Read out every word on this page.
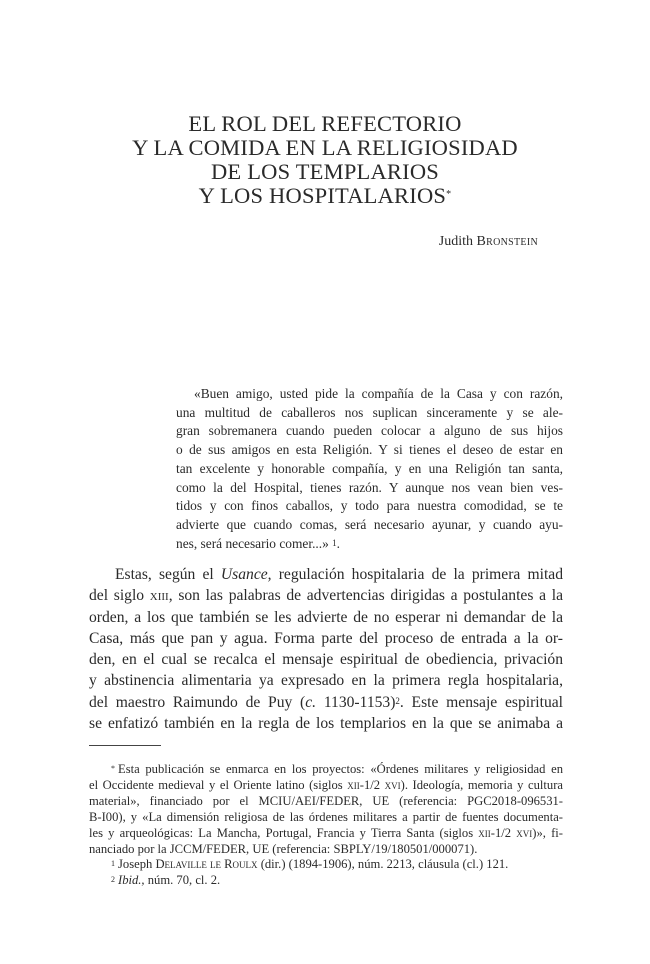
EL ROL DEL REFECTORIO
Y LA COMIDA EN LA RELIGIOSIDAD
DE LOS TEMPLARIOS
Y LOS HOSPITALARIOS*
Judith Bronstein
«Buen amigo, usted pide la compañía de la Casa y con razón,
una multitud de caballeros nos suplican sinceramente y se ale-
gran sobremanera cuando pueden colocar a alguno de sus hijos
o de sus amigos en esta Religión. Y si tienes el deseo de estar en
tan excelente y honorable compañía, y en una Religión tan santa,
como la del Hospital, tienes razón. Y aunque nos vean bien ves-
tidos y con finos caballos, y todo para nuestra comodidad, se te
advierte que cuando comas, será necesario ayunar, y cuando ayu-
nes, será necesario comer...» $^1$.
Estas, según el Usance, regulación hospitalaria de la primera mitad
del siglo xiii, son las palabras de advertencias dirigidas a postulantes a la
orden, a los que también se les advierte de no esperar ni demandar de la
Casa, más que pan y agua. Forma parte del proceso de entrada a la or-
den, en el cual se recalca el mensaje espiritual de obediencia, privación
y abstinencia alimentaria ya expresado en la primera regla hospitalaria,
del maestro Raimundo de Puy (c. 1130-1153)$^2$. Este mensaje espiritual
se enfatizó también en la regla de los templarios en la que se animaba a
* Esta publicación se enmarca en los proyectos: «Órdenes militares y religiosidad en
el Occidente medieval y el Oriente latino (siglos xii-1/2 xvi). Ideología, memoria y cultura
material», financiado por el MCIU/AEI/FEDER, UE (referencia: PGC2018-096531-
B-I00), y «La dimensión religiosa de las órdenes militares a partir de fuentes documenta-
les y arqueológicas: La Mancha, Portugal, Francia y Tierra Santa (siglos xii-1/2 xvi)», fi-
nanciado por la JCCM/FEDER, UE (referencia: SBPLY/19/180501/000071).
$^1$ Joseph Delaville le Roulx (dir.) (1894-1906), núm. 2213, cláusula (cl.) 121.
$^2$ Ibid., núm. 70, cl. 2.
